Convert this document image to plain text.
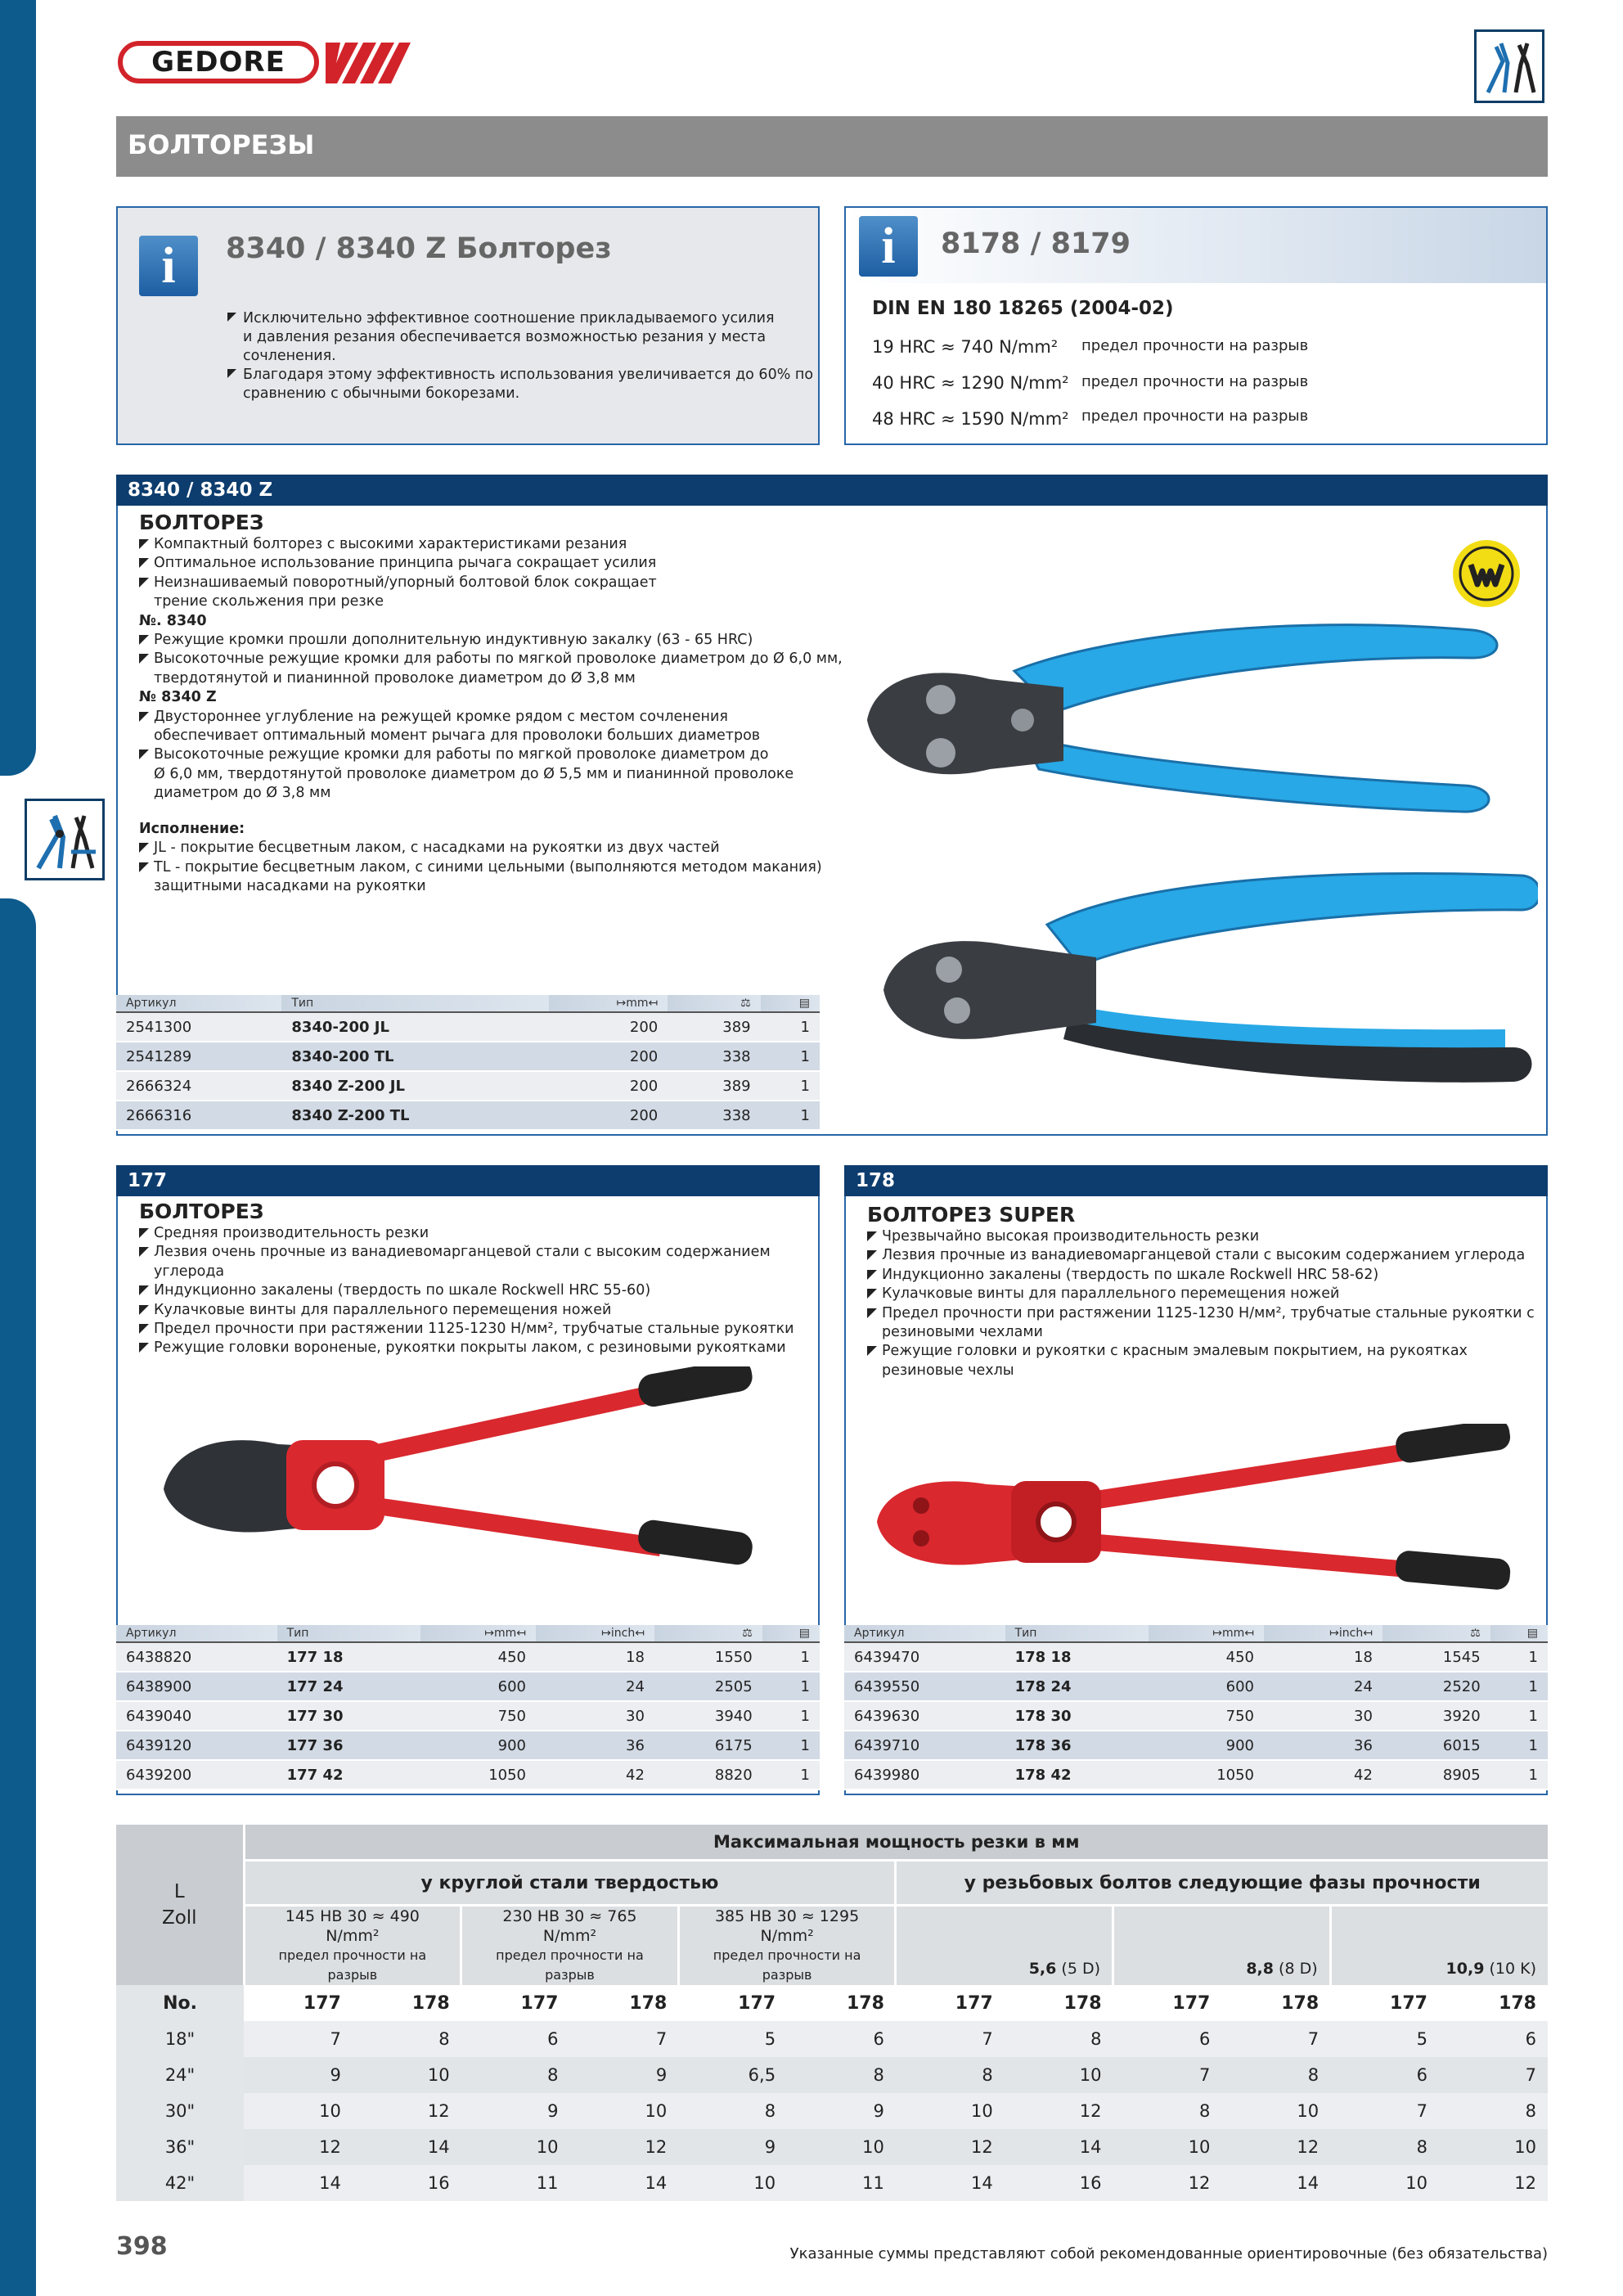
GEDORE
БОЛТОРЕЗЫ
i	8340 / 8340 Z Болторез
Исключительно эффективное соотношение прикладываемого усилия
и давления резания обеспечивается возможностью резания у места
сочленения.
Благодаря этому эффективность использования увеличивается до 60% по
сравнению с обычными бокорезами.
i	8178 / 8179
DIN EN 180 18265 (2004-02)
19 HRC ≈ 740 N/mm² предел прочности на разрыв
40 HRC ≈ 1290 N/mm² предел прочности на разрыв
48 HRC ≈ 1590 N/mm² предел прочности на разрыв
8340 / 8340 Z
БОЛТОРЕЗ
Компактный болторез с высокими характеристиками резания
Оптимальное использование принципа рычага сокращает усилия
Неизнашиваемый поворотный/упорный болтовой блок сокращает
трение скольжения при резке
№. 8340
Режущие кромки прошли дополнительную индуктивную закалку (63 - 65 HRC)
Высокоточные режущие кромки для работы по мягкой проволоке диаметром до Ø 6,0 мм,
твердотянутой и пианинной проволоке диаметром до Ø 3,8 мм
№ 8340 Z
Двустороннее углубление на режущей кромке рядом с местом сочленения
обеспечивает оптимальный момент рычага для проволоки больших диаметров
Высокоточные режущие кромки для работы по мягкой проволоке диаметром до
Ø 6,0 мм, твердотянутой проволоке диаметром до Ø 5,5 мм и пианинной проволоке
диаметром до Ø 3,8 мм
Исполнение:
JL - покрытие бесцветным лаком, с насадками на рукоятки из двух частей
TL - покрытие бесцветным лаком, с синими цельными (выполняются методом макания)
защитными насадками на рукоятки
Артикул	Тип	↦mm↤	⚖	▤
2541300	8340-200 JL	200	389	1
2541289	8340-200 TL	200	338	1
2666324	8340 Z-200 JL	200	389	1
2666316	8340 Z-200 TL	200	338	1
177
БОЛТОРЕЗ
Средняя производительность резки
Лезвия очень прочные из ванадиевомарганцевой стали с высоким содержанием углерода
Индукционно закалены (твердость по шкале Rockwell HRC 55-60)
Кулачковые винты для параллельного перемещения ножей
Предел прочности при растяжении 1125-1230 Н/мм², трубчатые стальные рукоятки
Режущие головки вороненые, рукоятки покрыты лаком, с резиновыми рукоятками
GEDORE
Артикул	Тип	↦mm↤	↦inch↤	⚖	▤
6438820	177 18	450	18	1550	1
6438900	177 24	600	24	2505	1
6439040	177 30	750	30	3940	1
6439120	177 36	900	36	6175	1
6439200	177 42	1050	42	8820	1
178
БОЛТОРЕЗ SUPER
Чрезвычайно высокая производительность резки
Лезвия прочные из ванадиевомарганцевой стали с высоким содержанием углерода
Индукционно закалены (твердость по шкале Rockwell HRC 58-62)
Кулачковые винты для параллельного перемещения ножей
Предел прочности при растяжении 1125-1230 Н/мм², трубчатые стальные рукоятки с
резиновыми чехлами
Режущие головки и рукоятки с красным эмалевым покрытием, на рукоятках
резиновые чехлы
Артикул	Тип	↦mm↤	↦inch↤	⚖	▤
6439470	178 18	450	18	1545	1
6439550	178 24	600	24	2520	1
6439630	178 30	750	30	3920	1
6439710	178 36	900	36	6015	1
6439980	178 42	1050	42	8905	1
L
Zoll	Максимальная мощность резки в мм											
	у круглой стали твердостью						у резьбовых болтов следующие фазы прочности					
	145 HB 30 ≈ 490 N/mm²
предел прочности на разрыв		230 HB 30 ≈ 765 N/mm²
предел прочности на разрыв		385 HB 30 ≈ 1295 N/mm²
предел прочности на разрыв		5,6 (5 D)		8,8 (8 D)		10,9 (10 K)	
No.	177	178	177	178	177	178	177	178	177	178	177	178
18"	7	8	6	7	5	6	7	8	6	7	5	6
24"	9	10	8	9	6,5	8	8	10	7	8	6	7
30"	10	12	9	10	8	9	10	12	8	10	7	8
36"	12	14	10	12	9	10	12	14	10	12	8	10
42"	14	16	11	14	10	11	14	16	12	14	10	12
398	Указанные суммы представляют собой рекомендованные ориентировочные (без обязательства)
